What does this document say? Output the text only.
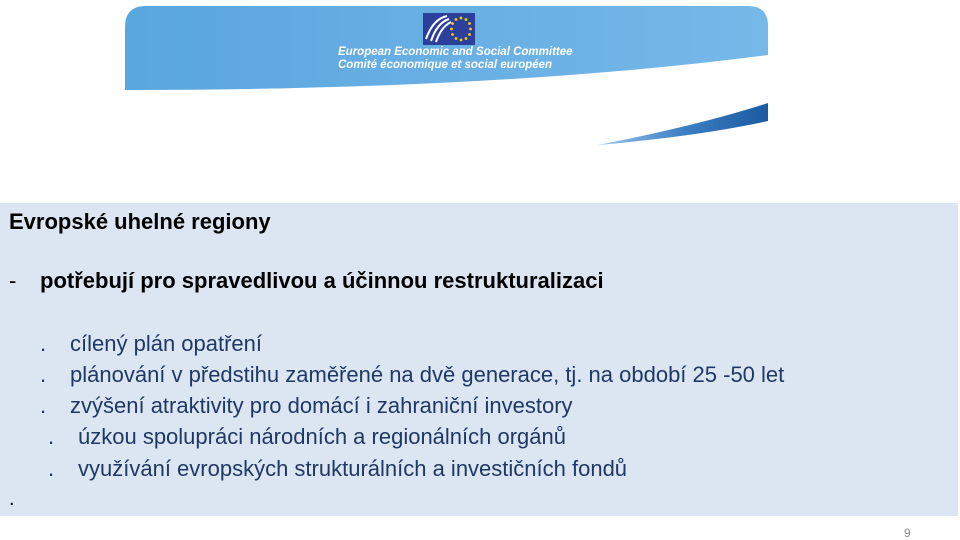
European Economic and Social Committee
Comité économique et social européen
Evropské uhelné regiony
- potřebují pro spravedlivou a účinnou restrukturalizaci
. cílený plán opatření
. plánování v předstihu zaměřené na dvě generace, tj. na období 25 -50 let
. zvýšení atraktivity pro domácí i zahraniční investory
. úzkou spolupráci národních a regionálních orgánů
. využívání evropských strukturálních a investičních fondů
.
9
